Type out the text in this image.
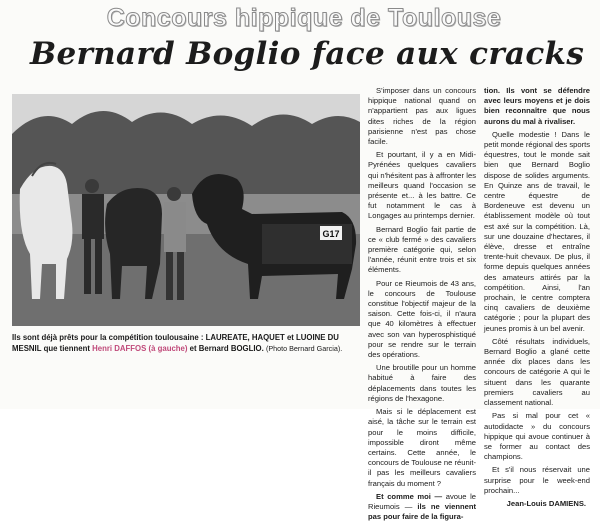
Concours hippique de Toulouse
Bernard Boglio face aux cracks
G17
Ils sont déjà prêts pour la compétition toulousaine : LAUREATE, HAQUET et LUOINE DU MESNIL que tiennent Henri DAFFOS (à gauche) et Bernard BOGLIO. (Photo Bernard Garcia).

S'imposer dans un concours hippique national quand on n'appartient pas aux ligues dites riches de la région parisienne n'est pas chose facile.

Et pourtant, il y a en Midi-Pyrénées quelques cavaliers qui n'hésitent pas à affronter les meilleurs quand l'occasion se présente et... à les battre. Ce fut notamment le cas à Longages au printemps dernier.

Bernard Boglio fait partie de ce « club fermé » des cavaliers première catégorie qui, selon l'année, réunit entre trois et six éléments.

Pour ce Rieumois de 43 ans, le concours de Toulouse constitue l'objectif majeur de la saison. Cette fois-ci, il n'aura que 40 kilomètres à effectuer avec son van hyperosphistiqué pour se rendre sur le terrain des opérations.

Une broutille pour un homme habitué à faire des déplacements dans toutes les régions de l'hexagone.

Mais si le déplacement est aisé, la tâche sur le terrain est pour le moins difficile, impossible diront même certains. Cette année, le concours de Toulouse ne réunit-il pas les meilleurs cavaliers français du moment ?

Et comme moi — avoue le Rieumois — ils ne viennent pas pour faire de la figura-

tion. Ils vont se défendre avec leurs moyens et je dois bien reconnaître que nous aurons du mal à rivaliser.

Quelle modestie ! Dans le petit monde régional des sports équestres, tout le monde sait bien que Bernard Boglio dispose de solides arguments. En Quinze ans de travail, le centre équestre de Bordeneuve est devenu un établissement modèle où tout est axé sur la compétition. Là, sur une douzaine d'hectares, il élève, dresse et entraîne trente-huit chevaux. De plus, il forme depuis quelques années des amateurs attirés par la compétition. Ainsi, l'an prochain, le centre comptera cinq cavaliers de deuxième catégorie ; pour la plupart des jeunes promis à un bel avenir.

Côté résultats individuels, Bernard Boglio a glané cette année dix places dans les concours de catégorie A qui le situent dans les quarante premiers cavaliers au classement national.

Pas si mal pour cet « autodidacte » du concours hippique qui avoue continuer à se former au contact des champions.

Et s'il nous réservait une surprise pour le week-end prochain...

Jean-Louis DAMIENS.
